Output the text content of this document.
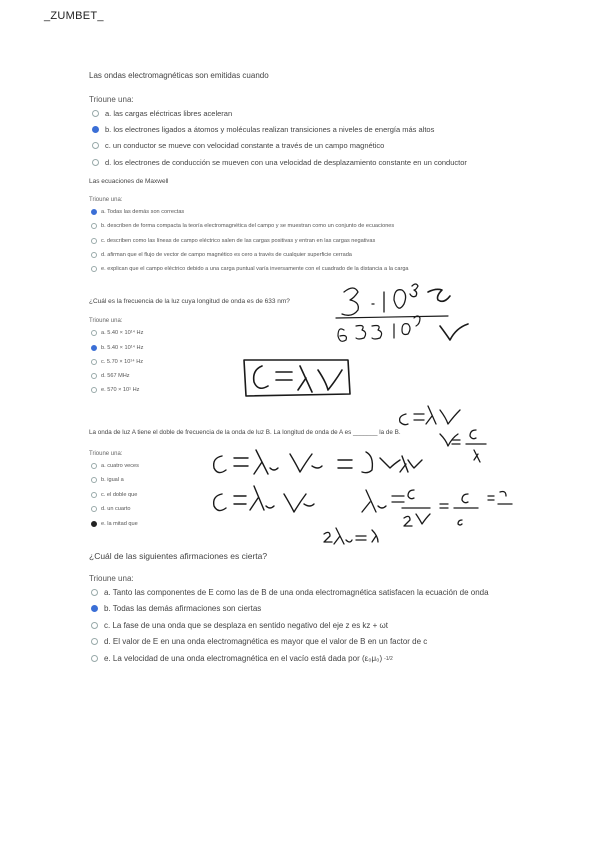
_ZUMBET_
Las ondas electromagnéticas son emitidas cuando
Trioune una:
a. las cargas eléctricas libres aceleran
b. los electrones ligados a átomos y moléculas realizan transiciones a niveles de energía más altos
c. un conductor se mueve con velocidad constante a través de un campo magnético
d. los electrones de conducción se mueven con una velocidad de desplazamiento constante en un conductor
Las ecuaciones de Maxwell
Trioune una:
a. Todas las demás son correctas
b. describen de forma compacta la teoría electromagnética del campo y se muestran como un conjunto de ecuaciones
c. describen como las líneas de campo eléctrico salen de las cargas positivas y entran en las cargas negativas
d. afirman que el flujo de vector de campo magnético es cero a través de cualquier superficie cerrada
e. explican que el campo eléctrico debido a una carga puntual varía inversamente con el cuadrado de la distancia a la carga
¿Cuál es la frecuencia de la luz cuya longitud de onda es de 633 nm?
Trioune una:
a. 5.40 × 10¹⁴ Hz
b. 5.40 × 10¹⁴ Hz
c. 5.70 × 10¹⁴ Hz
d. 567 MHz
e. 570 × 10¹ Hz
La onda de luz A tiene el doble de frecuencia de la onda de luz B. La longitud de onda de A es _______ la de B.
Trioune una:
a. cuatro veces
b. igual a
c. el doble que
d. un cuarto
e. la mitad que
¿Cuál de las siguientes afirmaciones es cierta?
Trioune una:
a. Tanto las componentes de E como las de B de una onda electromagnética satisfacen la ecuación de onda
b. Todas las demás afirmaciones son ciertas
c. La fase de una onda que se desplaza en sentido negativo del eje z es kz + ωt
d. El valor de E en una onda electromagnética es mayor que el valor de B en un factor de c
e. La velocidad de una onda electromagnética en el vacío está dada por (ε₀μ₀) -1/2
